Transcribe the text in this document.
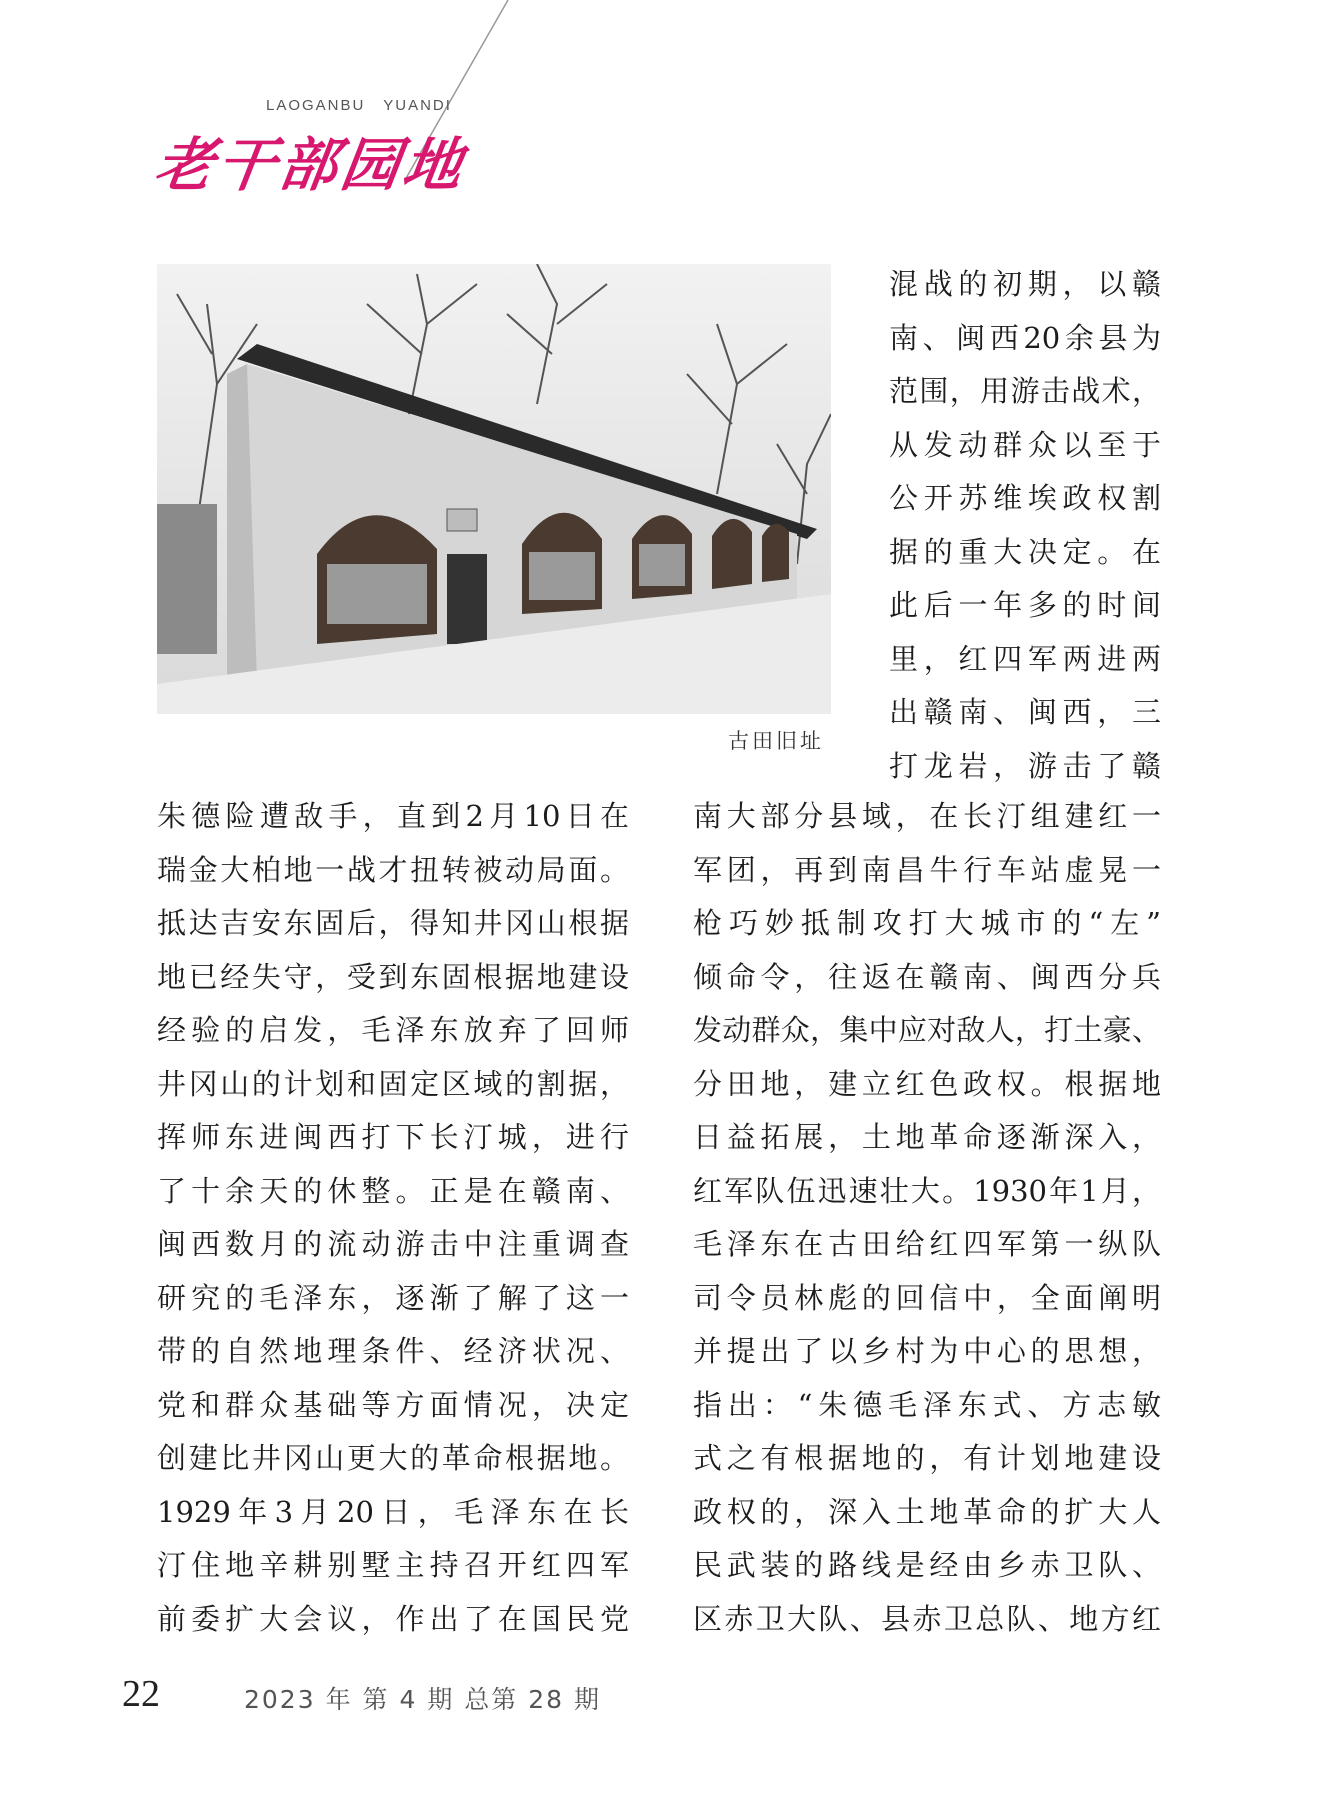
LAOGANBU YUANDI
老干部园地
古田旧址
混战的初期，以赣
南、闽西20余县为
范围，用游击战术，
从发动群众以至于
公开苏维埃政权割
据的重大决定。在
此后一年多的时间
里，红四军两进两
出赣南、闽西，三
打龙岩，游击了赣
朱德险遭敌手，直到2月10日在
瑞金大柏地一战才扭转被动局面。
抵达吉安东固后，得知井冈山根据
地已经失守，受到东固根据地建设
经验的启发，毛泽东放弃了回师
井冈山的计划和固定区域的割据，
挥师东进闽西打下长汀城，进行
了十余天的休整。正是在赣南、
闽西数月的流动游击中注重调查
研究的毛泽东，逐渐了解了这一
带的自然地理条件、经济状况、
党和群众基础等方面情况，决定
创建比井冈山更大的革命根据地。
1929年3月20日，毛泽东在长
汀住地辛耕别墅主持召开红四军
前委扩大会议，作出了在国民党
南大部分县域，在长汀组建红一
军团，再到南昌牛行车站虚晃一
枪巧妙抵制攻打大城市的“左”
倾命令，往返在赣南、闽西分兵
发动群众，集中应对敌人，打土豪、
分田地，建立红色政权。根据地
日益拓展，土地革命逐渐深入，
红军队伍迅速壮大。1930年1月，
毛泽东在古田给红四军第一纵队
司令员林彪的回信中，全面阐明
并提出了以乡村为中心的思想，
指出：“朱德毛泽东式、方志敏
式之有根据地的，有计划地建设
政权的，深入土地革命的扩大人
民武装的路线是经由乡赤卫队、
区赤卫大队、县赤卫总队、地方红
22	2023 年 第 4 期 总第 28 期
